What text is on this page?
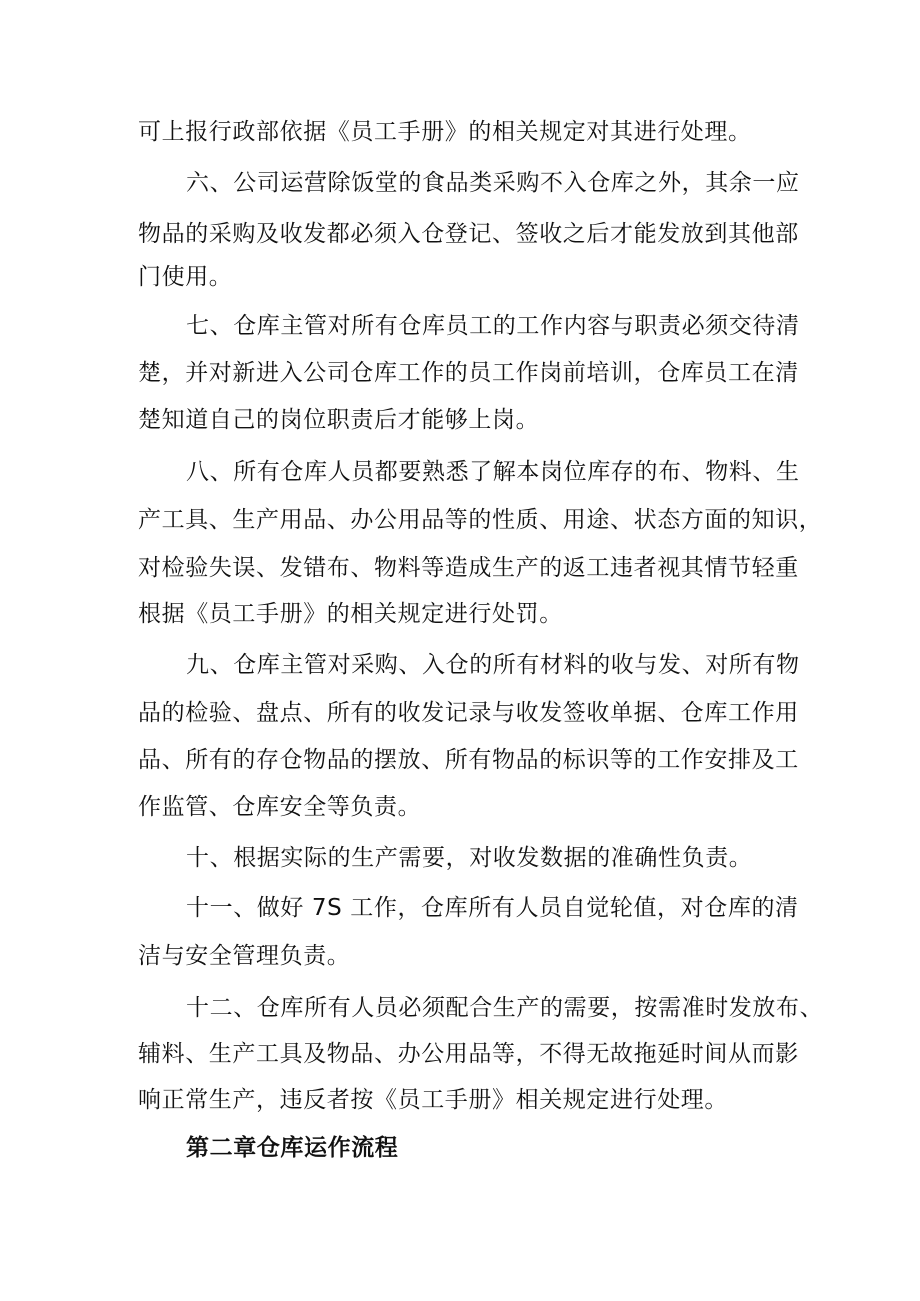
可上报行政部依据《员工手册》的相关规定对其进行处理。
六、公司运营除饭堂的食品类采购不入仓库之外，其余一应
物品的采购及收发都必须入仓登记、签收之后才能发放到其他部
门使用。
七、仓库主管对所有仓库员工的工作内容与职责必须交待清
楚，并对新进入公司仓库工作的员工作岗前培训，仓库员工在清
楚知道自己的岗位职责后才能够上岗。
八、所有仓库人员都要熟悉了解本岗位库存的布、物料、生
产工具、生产用品、办公用品等的性质、用途、状态方面的知识，
对检验失误、发错布、物料等造成生产的返工违者视其情节轻重
根据《员工手册》的相关规定进行处罚。
九、仓库主管对采购、入仓的所有材料的收与发、对所有物
品的检验、盘点、所有的收发记录与收发签收单据、仓库工作用
品、所有的存仓物品的摆放、所有物品的标识等的工作安排及工
作监管、仓库安全等负责。
十、根据实际的生产需要，对收发数据的准确性负责。
十一、做好 7S 工作，仓库所有人员自觉轮值，对仓库的清
洁与安全管理负责。
十二、仓库所有人员必须配合生产的需要，按需准时发放布、
辅料、生产工具及物品、办公用品等，不得无故拖延时间从而影
响正常生产，违反者按《员工手册》相关规定进行处理。
第二章仓库运作流程
